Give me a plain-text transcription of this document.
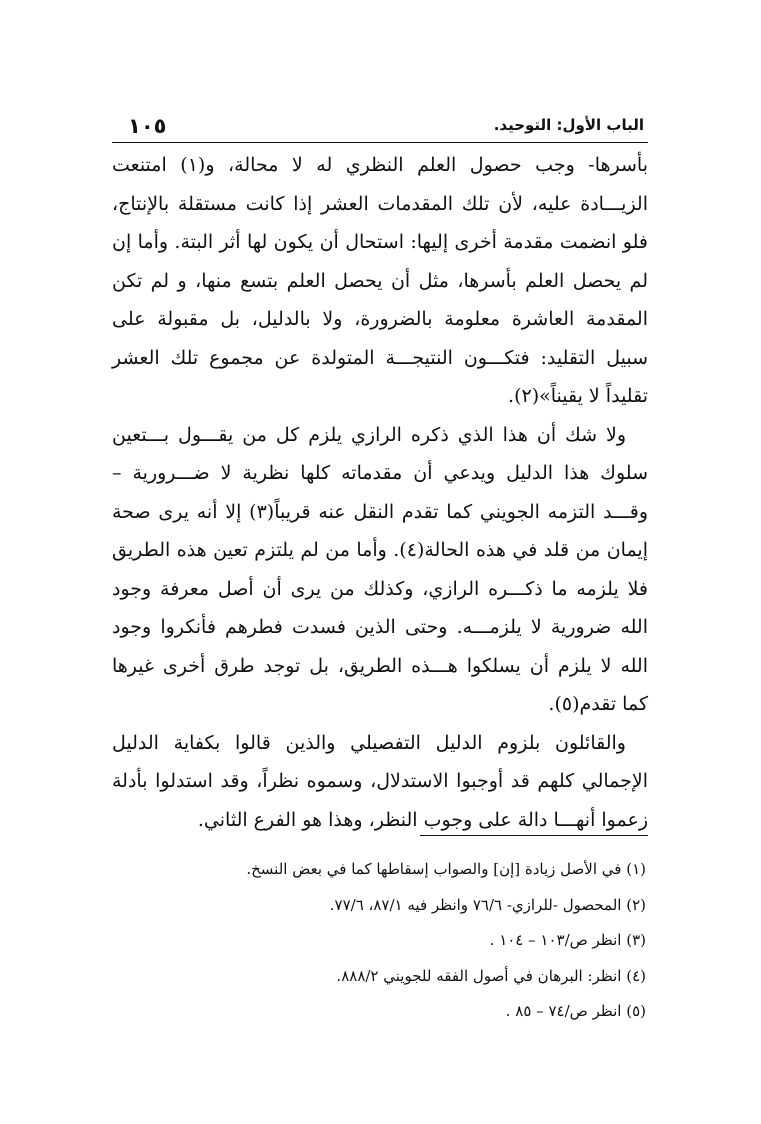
١٠٥	الباب الأول: التوحيد.

بأسرها- وجب حصول العلم النظري له لا محالة، و(١) امتنعت الزيـــادة عليه، لأن تلك المقدمات العشر إذا كانت مستقلة بالإنتاج، فلو انضمت مقدمة أخرى إليها: استحال أن يكون لها أثر البتة. وأما إن لم يحصل العلم بأسرها، مثل أن يحصل العلم بتسع منها، و لم تكن المقدمة العاشرة معلومة بالضرورة، ولا بالدليل، بل مقبولة على سبيل التقليد: فتكـــون النتيجـــة المتولدة عن مجموع تلك العشر تقليداً لا يقيناً»(٢).

ولا شك أن هذا الذي ذكره الرازي يلزم كل من يقـــول بـــتعين سلوك هذا الدليل ويدعي أن مقدماته كلها نظرية لا ضـــرورية – وقـــد التزمه الجويني كما تقدم النقل عنه قريباً(٣) إلا أنه يرى صحة إيمان من قلد في هذه الحالة(٤). وأما من لم يلتزم تعين هذه الطريق فلا يلزمه ما ذكـــره الرازي، وكذلك من يرى أن أصل معرفة وجود الله ضرورية لا يلزمـــه. وحتى الذين فسدت فطرهم فأنكروا وجود الله لا يلزم أن يسلكوا هـــذه الطريق، بل توجد طرق أخرى غيرها كما تقدم(٥).

والقائلون بلزوم الدليل التفصيلي والذين قالوا بكفاية الدليل الإجمالي كلهم قد أوجبوا الاستدلال، وسموه نظراً، وقد استدلوا بأدلة زعموا أنهـــا دالة على وجوب النظر، وهذا هو الفرع الثاني.

(١) في الأصل زيادة [إن] والصواب إسقاطها كما في بعض النسخ.

(٢) المحصول -للرازي- ٧٦/٦ وانظر فيه ٨٧/١، ٧٧/٦.

(٣) انظر ص/١٠٣ – ١٠٤ .

(٤) انظر: البرهان في أصول الفقه للجويني ٨٨٨/٢.

(٥) انظر ص/٧٤ – ٨٥ .
